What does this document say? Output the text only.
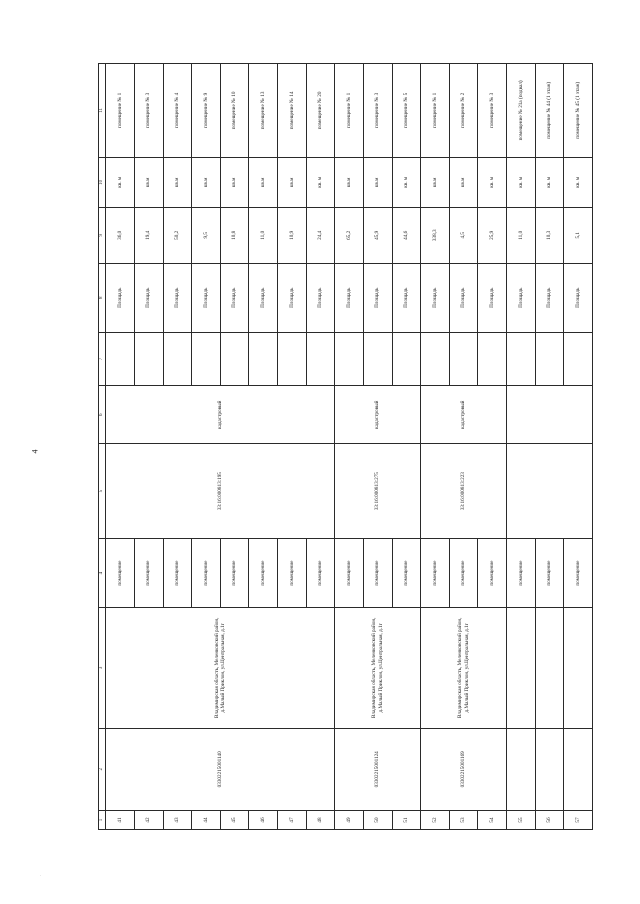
4
1	2	3	4	5	6	7	8	9	10	11
41	03302215001140	Владимирская область, Меленковский район, д.Малый Приклон, ул.Центральная, д.1г	помещение	33:16:000813:195	кадастровый		Площадь	36,0	кв. м	помещение № 1
42			помещение				Площадь	19,4	кв.м	помещение № 3
43			помещение				Площадь	50,2	кв.м	помещение № 4
44			помещение				Площадь	9,5	кв.м	помещение № 9
45			помещение				Площадь	10,8	кв.м	помещение № 10
46			помещение				Площадь	11,0	кв.м	помещение № 13
47			помещение				Площадь	10,9	кв.м	помещение № 14
48			помещение				Площадь	24,4	кв. м	помещение № 20
49	03302215001124	Владимирская область, Меленковский район, д.Малый Приклон, ул.Центральная, д.1г	помещение	33:16:000813:275	кадастровый		Площадь	65,2	кв.м	помещение № 1
50			помещение				Площадь	45,9	кв.м	помещение № 3
51			помещение				Площадь	44,6	кв. м	помещение № 5
52	03302215001169	Владимирская область, Меленковский район, д.Малый Приклон, ул.Центральная, д.1г	помещение	33:16:000813:223	кадастровый		Площадь	338,3	кв.м	помещение № 1
53			помещение				Площадь	4,5	кв.м	помещение № 2
54			помещение				Площадь	25,9	кв. м	помещение № 3
55			помещение				Площадь	11,0	кв. м	помещение № 21а (подвал)
56			помещение				Площадь	10,3	кв. м	помещение № 44 (1 этаж)
57			помещение				Площадь	5,1	кв. м	помещение № 45 (1 этаж)
·
